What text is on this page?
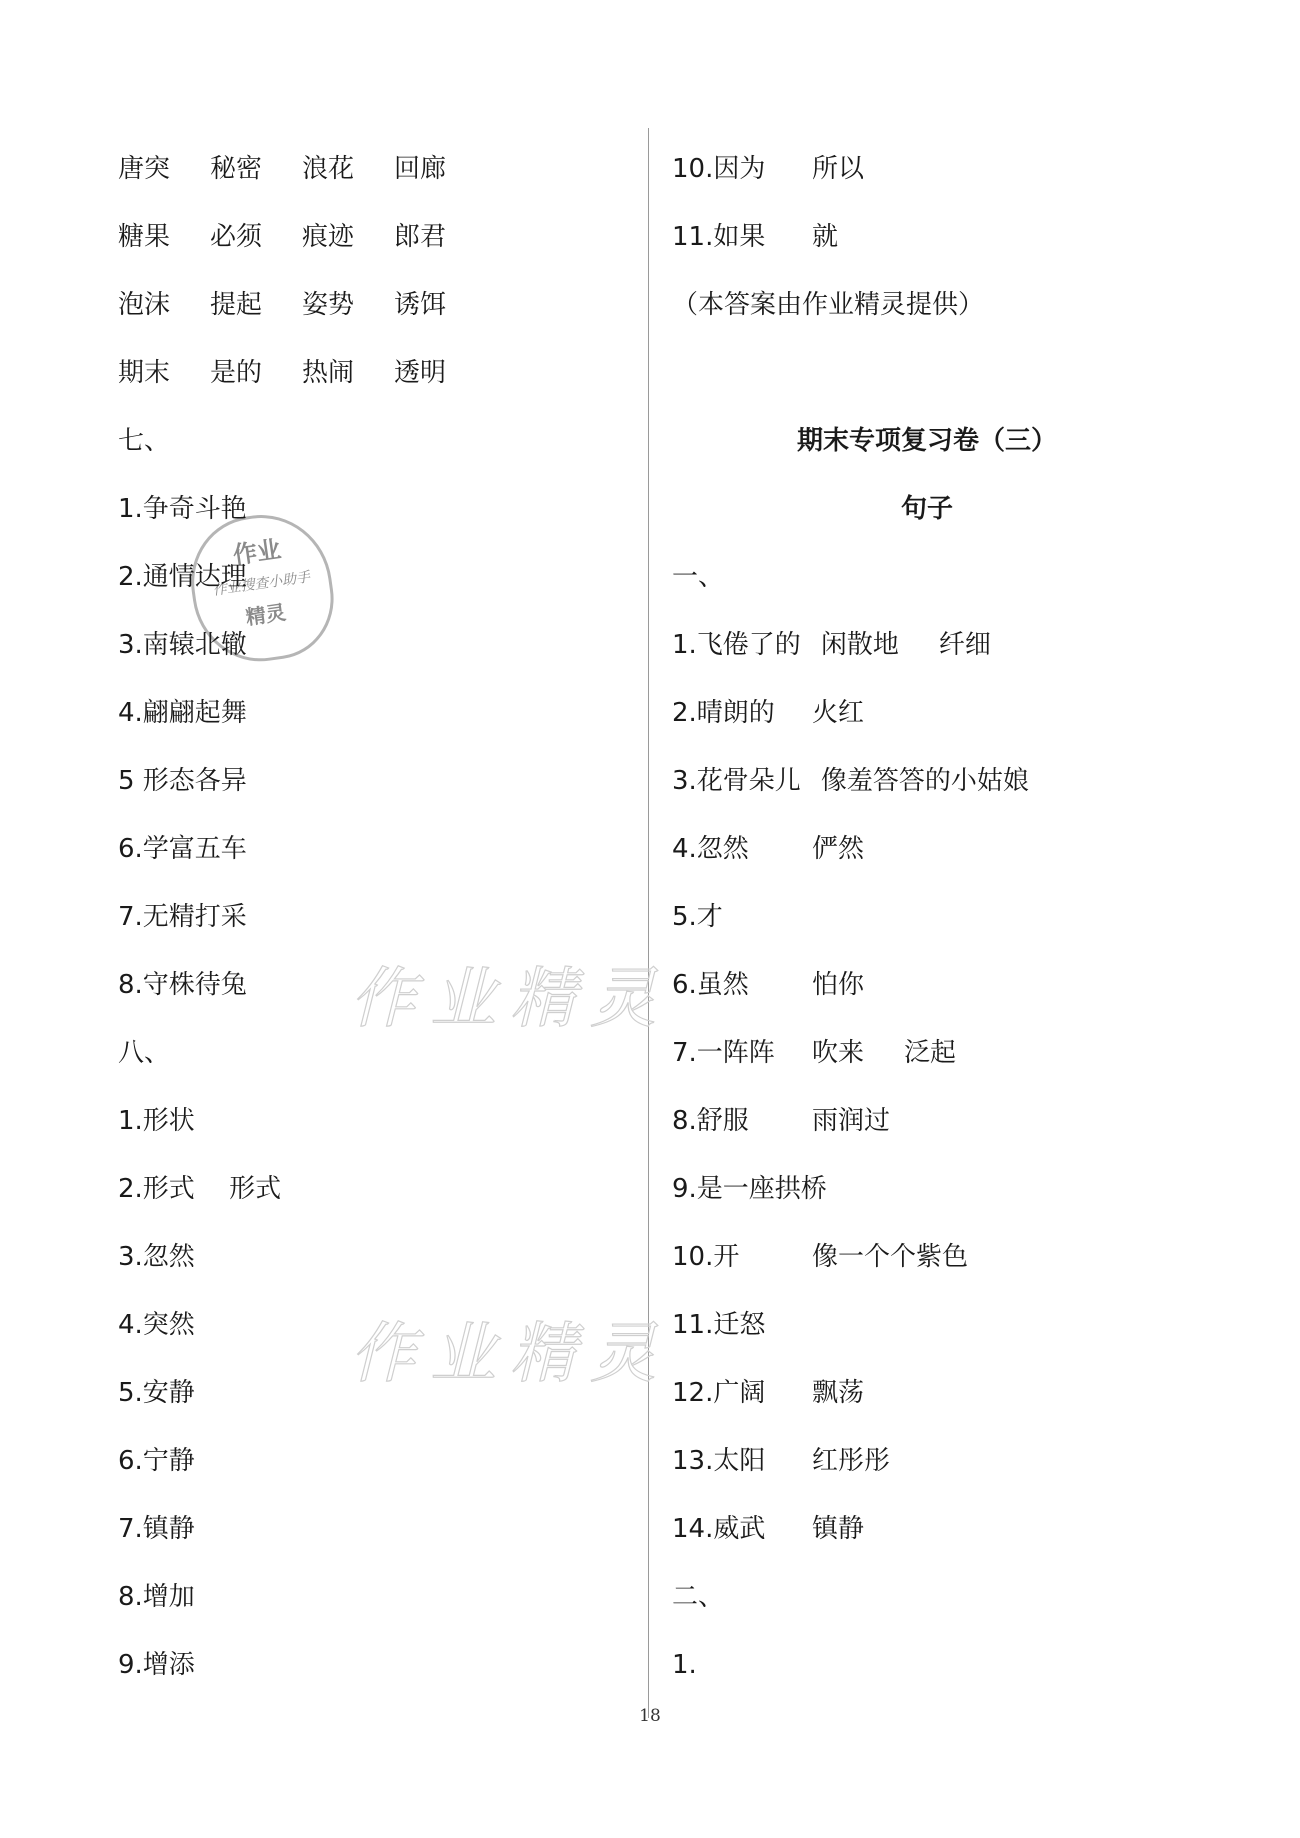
作业精灵
作业精灵
作业
作业搜查小助手
精灵
唐突 秘密 浪花 回廊
糖果 必须 痕迹 郎君
泡沫 提起 姿势 诱饵
期末 是的 热闹 透明
七、
1.争奇斗艳
2.通情达理
3.南辕北辙
4.翩翩起舞
5 形态各异
6.学富五车
7.无精打采
8.守株待兔
八、
1.形状
2.形式　 形式
3.忽然
4.突然
5.安静
6.宁静
7.镇静
8.增加
9.增添
10.因为 所以
11.如果 就
（本答案由作业精灵提供）
期末专项复习卷（三）
句子
一、
1.飞倦了的 闲散地 纤细
2.晴朗的 火红
3.花骨朵儿 像羞答答的小姑娘
4.忽然 俨然
5.才
6.虽然 怕你
7.一阵阵 吹来 泛起
8.舒服 雨润过
9.是一座拱桥
10.开	像一个个紫色
11.迁怒
12.广阔 飘荡
13.太阳 红彤彤
14.威武 镇静
二、
1.
18
